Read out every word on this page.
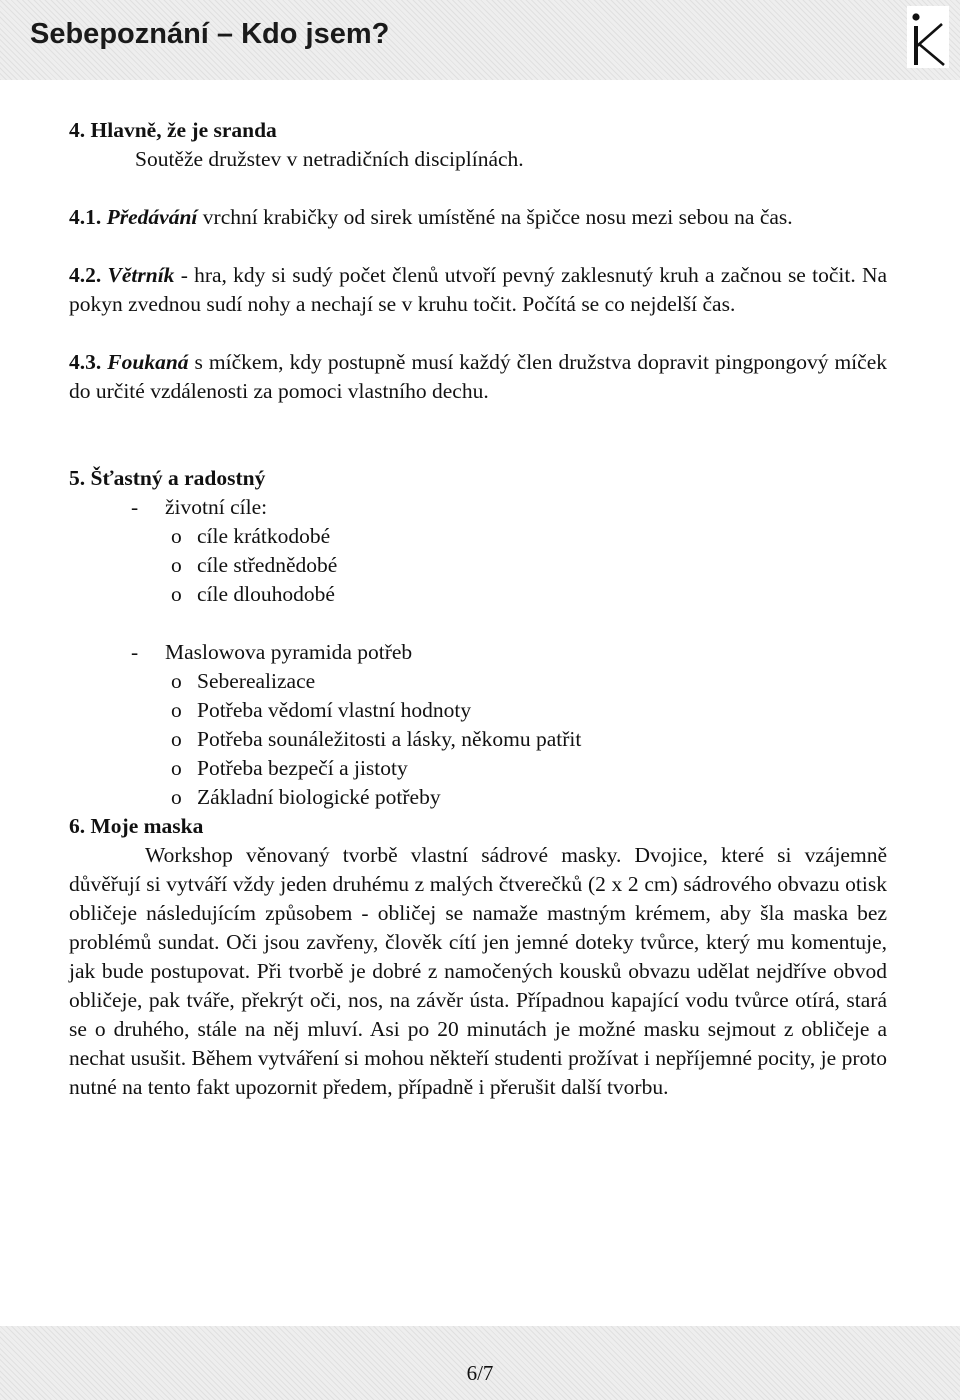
Sebepoznání – Kdo jsem?

4. Hlavně, že je sranda

Soutěže družstev v netradičních disciplínách.

4.1. Předávání vrchní krabičky od sirek umístěné na špičce nosu mezi sebou na čas.

4.2. Větrník - hra, kdy si sudý počet členů utvoří pevný zaklesnutý kruh a začnou se točit. Na pokyn zvednou sudí nohy a nechají se v kruhu točit. Počítá se co nejdelší čas.

4.3. Foukaná s míčkem, kdy postupně musí každý člen družstva dopravit pingpongový míček do určité vzdálenosti za pomoci vlastního dechu.

5. Šťastný a radostný

-	životní cíle:
o cíle krátkodobé
o cíle střednědobé
o cíle dlouhodobé
-	Maslowova pyramida potřeb
o Seberealizace
o Potřeba vědomí vlastní hodnoty
o Potřeba sounáležitosti a lásky, někomu patřit
o Potřeba bezpečí a jistoty
o Základní biologické potřeby

6. Moje maska

Workshop věnovaný tvorbě vlastní sádrové masky. Dvojice, které si vzájemně důvěřují si vytváří vždy jeden druhému z malých čtverečků (2 x 2 cm) sádrového obvazu otisk obličeje následujícím způsobem - obličej se namaže mastným krémem, aby šla maska bez problémů sundat. Oči jsou zavřeny, člověk cítí jen jemné doteky tvůrce, který mu komentuje, jak bude postupovat. Při tvorbě je dobré z namočených kousků obvazu udělat nejdříve obvod obličeje, pak tváře, překrýt oči, nos, na závěr ústa. Případnou kapající vodu tvůrce otírá, stará se o druhého, stále na něj mluví. Asi po 20 minutách je možné masku sejmout z obličeje a nechat usušit. Během vytváření si mohou někteří studenti prožívat i nepříjemné pocity, je proto nutné na tento fakt upozornit předem, případně i přerušit další tvorbu.

6/7
